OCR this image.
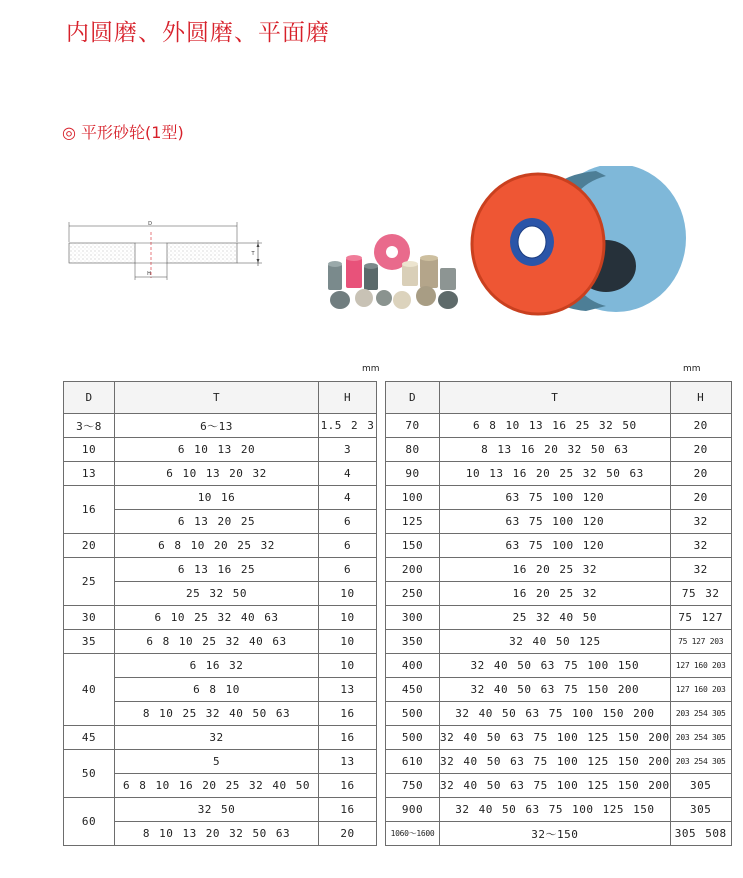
内圆磨、外圆磨、平面磨
◎ 平形砂轮(1型)
D
H
T
mm	mm
D	T	H
3～8	6～13	1.5 2 3
10	6 10 13 20	3
13	6 10 13 20 32	4
16	10 16	4
	6 13 20 25	6
20	6 8 10 20 25 32	6
25	6 13 16 25	6
	25 32 50	10
30	6 10 25 32 40 63	10
35	6 8 10 25 32 40 63	10
40	6 16 32	10
	6 8 10	13
	8 10 25 32 40 50 63	16
45	32	16
50	5	13
	6 8 10 16 20 25 32 40 50	16
60	32 50	16
	8 10 13 20 32 50 63	20
D	T	H
70	6 8 10 13 16 25 32 50	20
80	8 13 16 20 32 50 63	20
90	10 13 16 20 25 32 50 63	20
100	63 75 100 120	20
125	63 75 100 120	32
150	63 75 100 120	32
200	16 20 25 32	32
250	16 20 25 32	75 32
300	25 32 40 50	75 127
350	32 40 50 125	75 127 203
400	32 40 50 63 75 100 150	127 160 203
450	32 40 50 63 75 150 200	127 160 203
500	32 40 50 63 75 100 150 200	203 254 305
500	32 40 50 63 75 100 125 150 200	203 254 305
610	32 40 50 63 75 100 125 150 200	203 254 305
750	32 40 50 63 75 100 125 150 200	305
900	32 40 50 63 75 100 125 150	305
1060～1600	32～150	305 508
